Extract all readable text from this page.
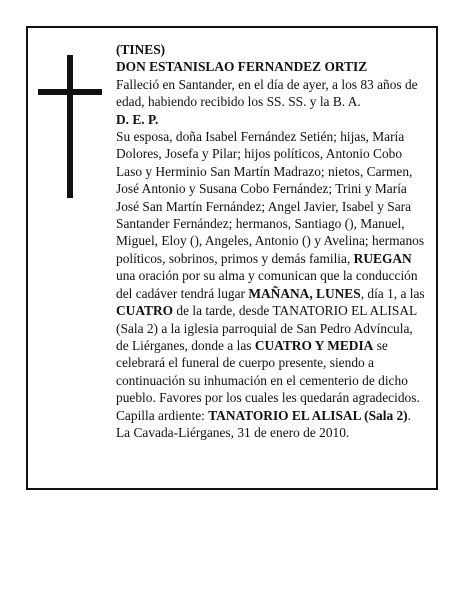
(TINES)

DON ESTANISLAO FERNANDEZ ORTIZ

Falleció en Santander, en el día de ayer, a los 83 años de edad, habiendo recibido los SS. SS. y la B. A.

D. E. P.

Su esposa, doña Isabel Fernández Setién; hijas, María Dolores, Josefa y Pilar; hijos políticos, Antonio Cobo Laso y Herminio San Martín Madrazo; nietos, Carmen, José Antonio y Susana Cobo Fernández; Trini y María José San Martín Fernández; Angel Javier, Isabel y Sara Santander Fernández; hermanos, Santiago (), Manuel, Miguel, Eloy (), Angeles, Antonio () y Avelina; hermanos políticos, sobrinos, primos y demás familia, RUEGAN una oración por su alma y comunican que la conducción del cadáver tendrá lugar MAÑANA, LUNES, día 1, a las CUATRO de la tarde, desde TANATORIO EL ALISAL (Sala 2) a la iglesia parroquial de San Pedro Advíncula, de Liérganes, donde a las CUATRO Y MEDIA se celebrará el funeral de cuerpo presente, siendo a continuación su inhumación en el cementerio de dicho pueblo. Favores por los cuales les quedarán agradecidos. Capilla ardiente: TANATORIO EL ALISAL (Sala 2).

La Cavada-Liérganes, 31 de enero de 2010.
